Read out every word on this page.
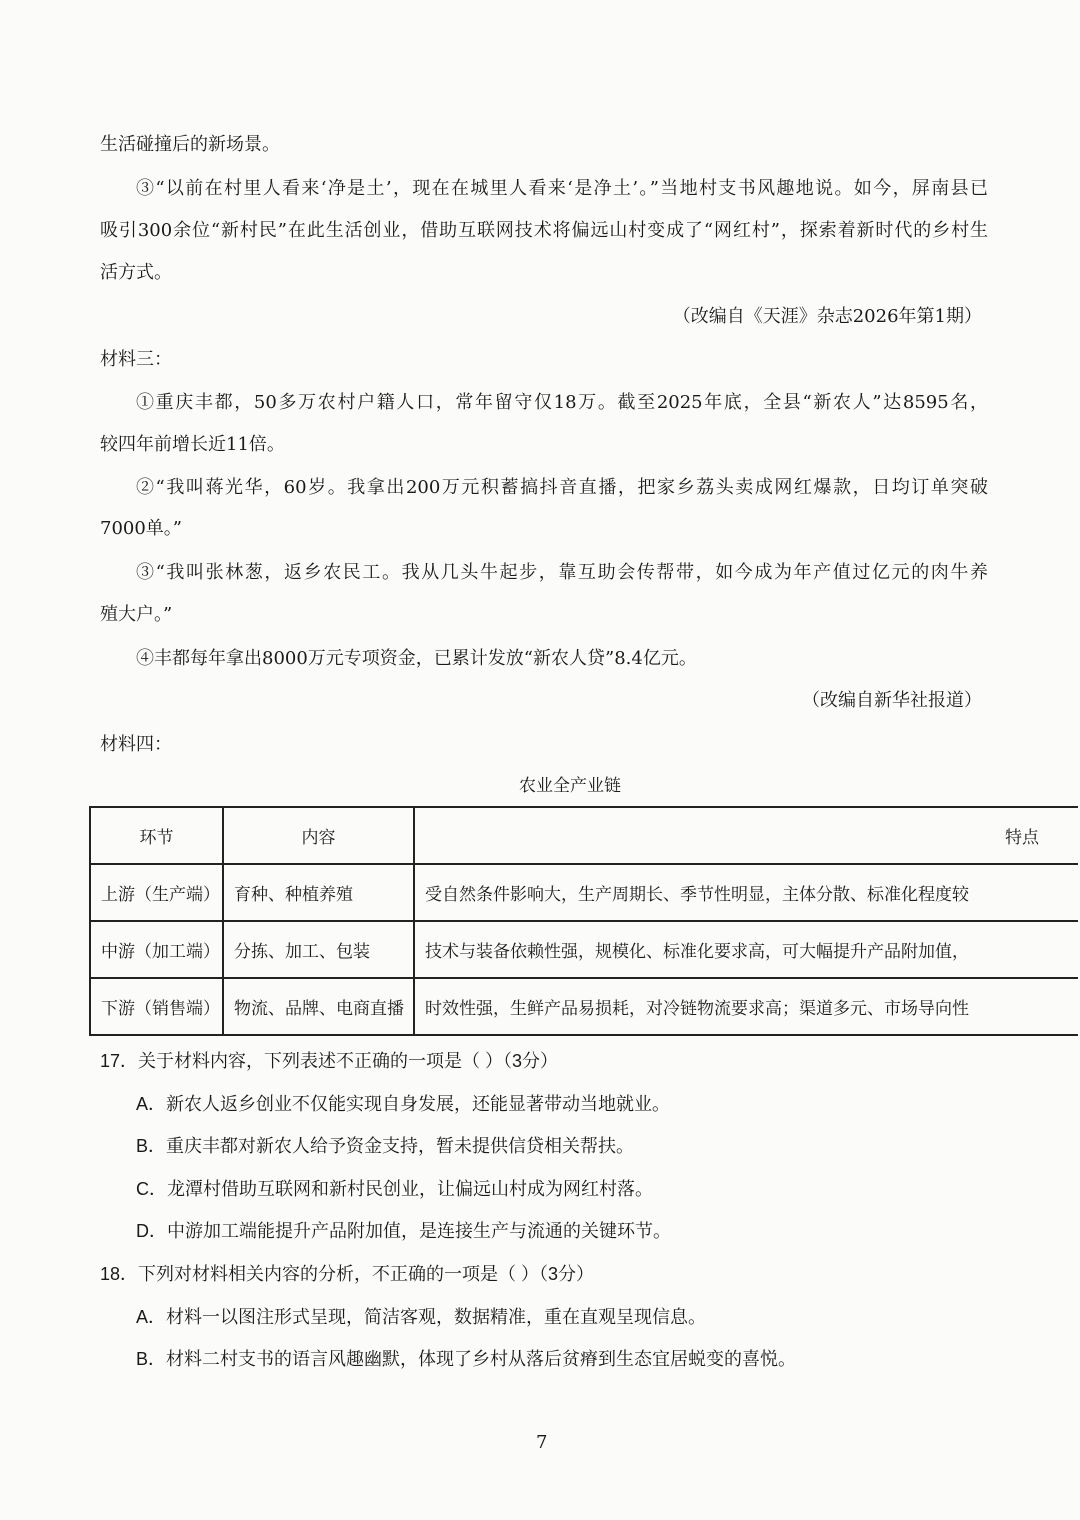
生活碰撞后的新场景。
③“以前在村里人看来‘净是土’，现在在城里人看来‘是净土’。”当地村支书风趣地说。如今，屏南县已
吸引300余位“新村民”在此生活创业，借助互联网技术将偏远山村变成了“网红村”，探索着新时代的乡村生
活方式。
（改编自《天涯》杂志2026年第1期）
材料三：
①重庆丰都，50多万农村户籍人口，常年留守仅18万。截至2025年底，全县“新农人”达8595名，
较四年前增长近11倍。
②“我叫蒋光华，60岁。我拿出200万元积蓄搞抖音直播，把家乡荔头卖成网红爆款，日均订单突破
7000单。”
③“我叫张林葱，返乡农民工。我从几头牛起步，靠互助会传帮带，如今成为年产值过亿元的肉牛养
殖大户。”
④丰都每年拿出8000万元专项资金，已累计发放“新农人贷”8.4亿元。
（改编自新华社报道）
材料四：
农业全产业链
环节	内容	特点
上游（生产端）	育种、种植养殖	受自然条件影响大，生产周期长、季节性明显，主体分散、标准化程度较
中游（加工端）	分拣、加工、包装	技术与装备依赖性强，规模化、标准化要求高，可大幅提升产品附加值，
下游（销售端）	物流、品牌、电商直播	时效性强，生鲜产品易损耗，对冷链物流要求高；渠道多元、市场导向性
17．关于材料内容，下列表述不正确的一项是（ ）（3分）
A．新农人返乡创业不仅能实现自身发展，还能显著带动当地就业。
B．重庆丰都对新农人给予资金支持，暂未提供信贷相关帮扶。
C．龙潭村借助互联网和新村民创业，让偏远山村成为网红村落。
D．中游加工端能提升产品附加值，是连接生产与流通的关键环节。
18．下列对材料相关内容的分析，不正确的一项是（ ）（3分）
A．材料一以图注形式呈现，简洁客观，数据精准，重在直观呈现信息。
B．材料二村支书的语言风趣幽默，体现了乡村从落后贫瘠到生态宜居蜕变的喜悦。
7
